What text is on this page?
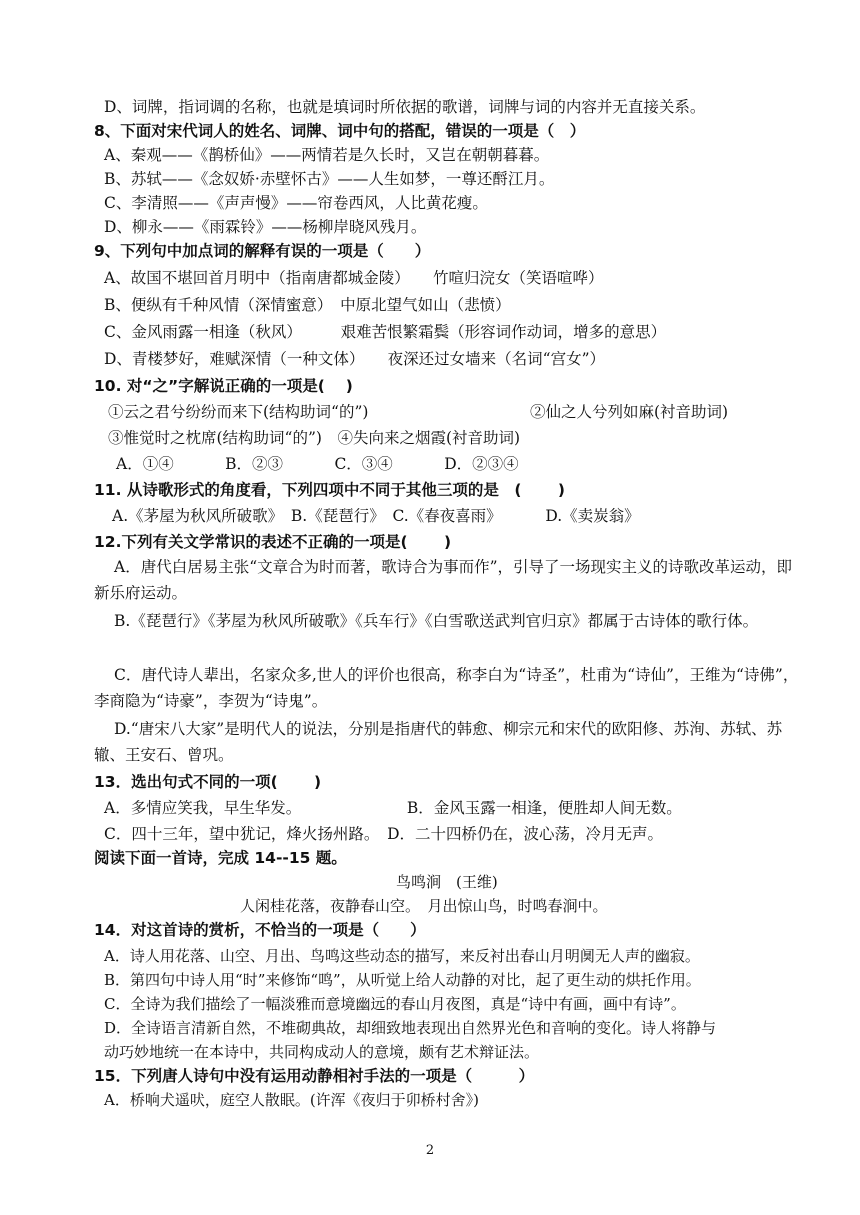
D、词牌，指词调的名称，也就是填词时所依据的歌谱，词牌与词的内容并无直接关系。
8、下面对宋代词人的姓名、词牌、词中句的搭配，错误的一项是（　）
A、秦观——《鹊桥仙》——两情若是久长时，又岂在朝朝暮暮。
B、苏轼——《念奴娇·赤壁怀古》——人生如梦，一尊还酹江月。
C、李清照——《声声慢》——帘卷西风，人比黄花瘦。
D、柳永——《雨霖铃》——杨柳岸晓风残月。
9、下列句中加点词的解释有误的一项是（　　）
A、故国不堪回首月明中（指南唐都城金陵）　　竹喧归浣女（笑语喧哗）
B、便纵有千种风情（深情蜜意）　中原北望气如山（悲愤）
C、金风雨露一相逢（秋风）　　　艰难苦恨繁霜鬓（形容词作动词，增多的意思）
D、青楼梦好，难赋深情（一种文体）　　夜深还过女墙来（名词“宫女”）
10. 对“之”字解说正确的一项是(　 )
①云之君兮纷纷而来下(结构助词“的”)	②仙之人兮列如麻(衬音助词)
③惟觉时之枕席(结构助词“的”)　④失向来之烟霞(衬音助词)
A．①④　　　 B．②③　　　 C．③④　　　 D．②③④
11. 从诗歌形式的角度看，下列四项中不同于其他三项的是　(　　 )
A.《茅屋为秋风所破歌》　B.《琵琶行》　C.《春夜喜雨》　　　 D.《卖炭翁》
12.下列有关文学常识的表述不正确的一项是(　　 )
A．唐代白居易主张“文章合为时而著，歌诗合为事而作”，引导了一场现实主义的诗歌改革运动，即新乐府运动。
B.《琵琶行》《茅屋为秋风所破歌》《兵车行》《白雪歌送武判官归京》都属于古诗体的歌行体。
C．唐代诗人辈出，名家众多,世人的评价也很高，称李白为“诗圣”，杜甫为“诗仙”，王维为“诗佛”，李商隐为“诗豪”，李贺为“诗鬼”。
D.“唐宋八大家”是明代人的说法，分别是指唐代的韩愈、柳宗元和宋代的欧阳修、苏洵、苏轼、苏辙、王安石、曾巩。
13．选出句式不同的一项(　　 )
A．多情应笑我，早生华发。　　　　　　　 B．金风玉露一相逢，便胜却人间无数。
C．四十三年，望中犹记，烽火扬州路。　D．二十四桥仍在，波心荡，冷月无声。
阅读下面一首诗，完成 14--15 题。
鸟鸣涧　(王维)
人闲桂花落，夜静春山空。　月出惊山鸟，时鸣春涧中。
14．对这首诗的赏析，不恰当的一项是（　　）
A．诗人用花落、山空、月出、鸟鸣这些动态的描写，来反衬出春山月明阒无人声的幽寂。
B．第四句中诗人用“时”来修饰“鸣”，从听觉上给人动静的对比，起了更生动的烘托作用。
C．全诗为我们描绘了一幅淡雅而意境幽远的春山月夜图，真是“诗中有画，画中有诗”。
D．全诗语言清新自然，不堆砌典故，却细致地表现出自然界光色和音响的变化。诗人将静与
动巧妙地统一在本诗中，共同构成动人的意境，颇有艺术辩证法。
15．下列唐人诗句中没有运用动静相衬手法的一项是（　　　）
A．桥响犬遥吠，庭空人散眠。(许浑《夜归于卯桥村舍》)
2
